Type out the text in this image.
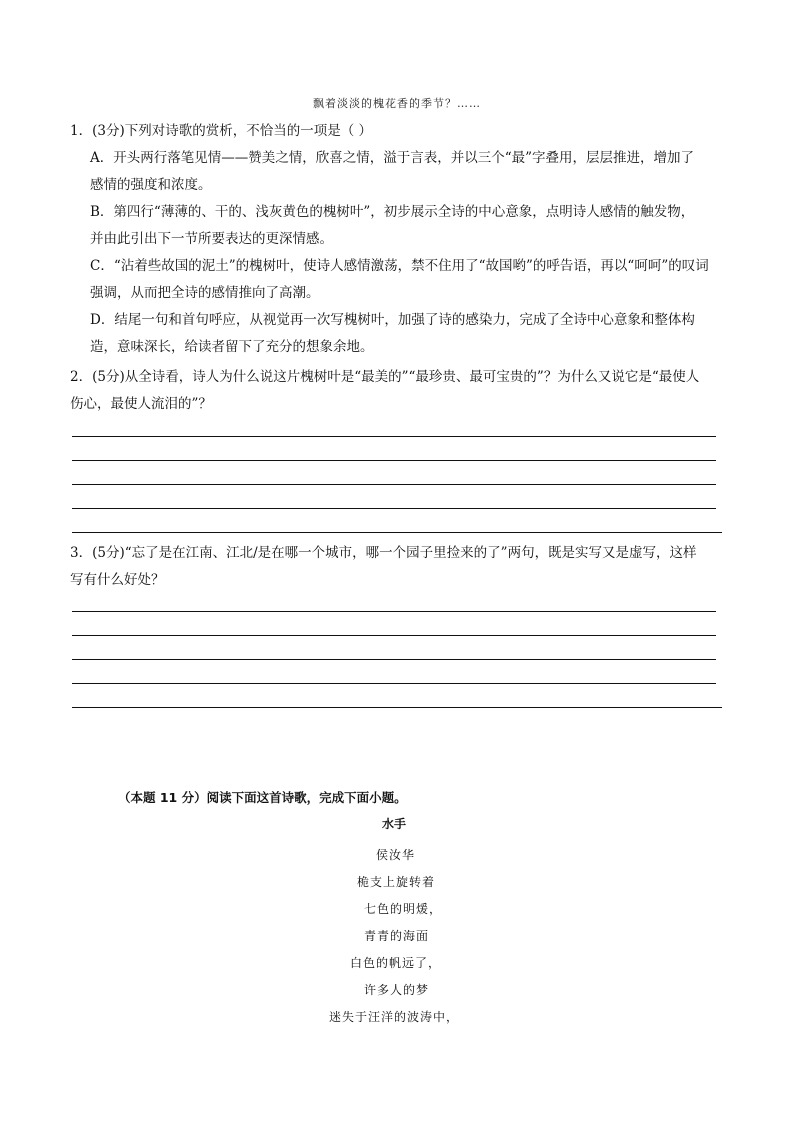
飘着淡淡的槐花香的季节？……
1．(3分)下列对诗歌的赏析，不恰当的一项是（ ）
A．开头两行落笔见情——赞美之情，欣喜之情，溢于言表，并以三个“最”字叠用，层层推进，增加了
感情的强度和浓度。
B．第四行“薄薄的、干的、浅灰黄色的槐树叶”，初步展示全诗的中心意象，点明诗人感情的触发物，
并由此引出下一节所要表达的更深情感。
C．“沾着些故国的泥土”的槐树叶，使诗人感情激荡，禁不住用了“故国哟”的呼告语，再以“呵呵”的叹词
强调，从而把全诗的感情推向了高潮。
D．结尾一句和首句呼应，从视觉再一次写槐树叶，加强了诗的感染力，完成了全诗中心意象和整体构
造，意味深长，给读者留下了充分的想象余地。
2．(5分)从全诗看，诗人为什么说这片槐树叶是“最美的”“最珍贵、最可宝贵的”？为什么又说它是“最使人
伤心，最使人流泪的”？
3．(5分)“忘了是在江南、江北/是在哪一个城市，哪一个园子里捡来的了”两句，既是实写又是虚写，这样
写有什么好处？
（本题 11 分）阅读下面这首诗歌，完成下面小题。
水手
侯汝华
桅支上旋转着
七色的明煖，
青青的海面
白色的帆远了，
许多人的梦
迷失于汪洋的波涛中，
